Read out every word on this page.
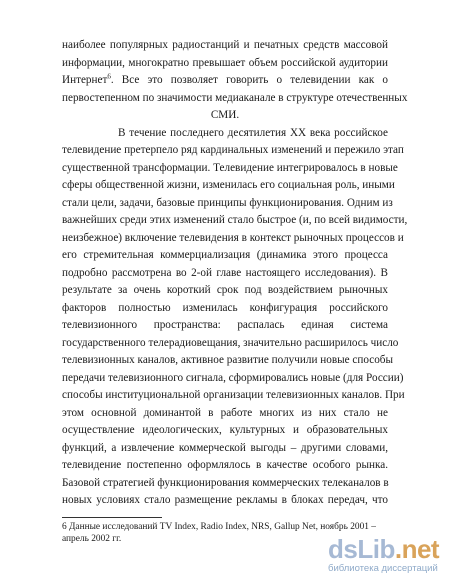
наиболее популярных радиостанций и печатных средств массовой
информации, многократно превышает объем российской аудитории
Интернет$^6$. Все это позволяет говорить о телевидении как о
первостепенном по значимости медиаканале в структуре отечественных
СМИ.
В течение последнего десятилетия XX века российское
телевидение претерпело ряд кардинальных изменений и пережило этап
существенной трансформации. Телевидение интегрировалось в новые
сферы общественной жизни, изменилась его социальная роль, иными
стали цели, задачи, базовые принципы функционирования. Одним из
важнейших среди этих изменений стало быстрое (и, по всей видимости,
неизбежное) включение телевидения в контекст рыночных процессов и
его стремительная коммерциализация (динамика этого процесса
подробно рассмотрена во 2-ой главе настоящего исследования). В
результате за очень короткий срок под воздействием рыночных
факторов полностью изменилась конфигурация российского
телевизионного пространства: распалась единая система
государственного телерадиовещания, значительно расширилось число
телевизионных каналов, активное развитие получили новые способы
передачи телевизионного сигнала, сформировались новые (для России)
способы институциональной организации телевизионных каналов. При
этом основной доминантой в работе многих из них стало не
осуществление идеологических, культурных и образовательных
функций, а извлечение коммерческой выгоды – другими словами,
телевидение постепенно оформлялось в качестве особого рынка.
Базовой стратегией функционирования коммерческих телеканалов в
новых условиях стало размещение рекламы в блоках передач, что
6 Данные исследований TV Index, Radio Index, NRS, Gallup Net, ноябрь 2001 –
апрель 2002 гг.	dsLib.net
библиотека диссертаций
